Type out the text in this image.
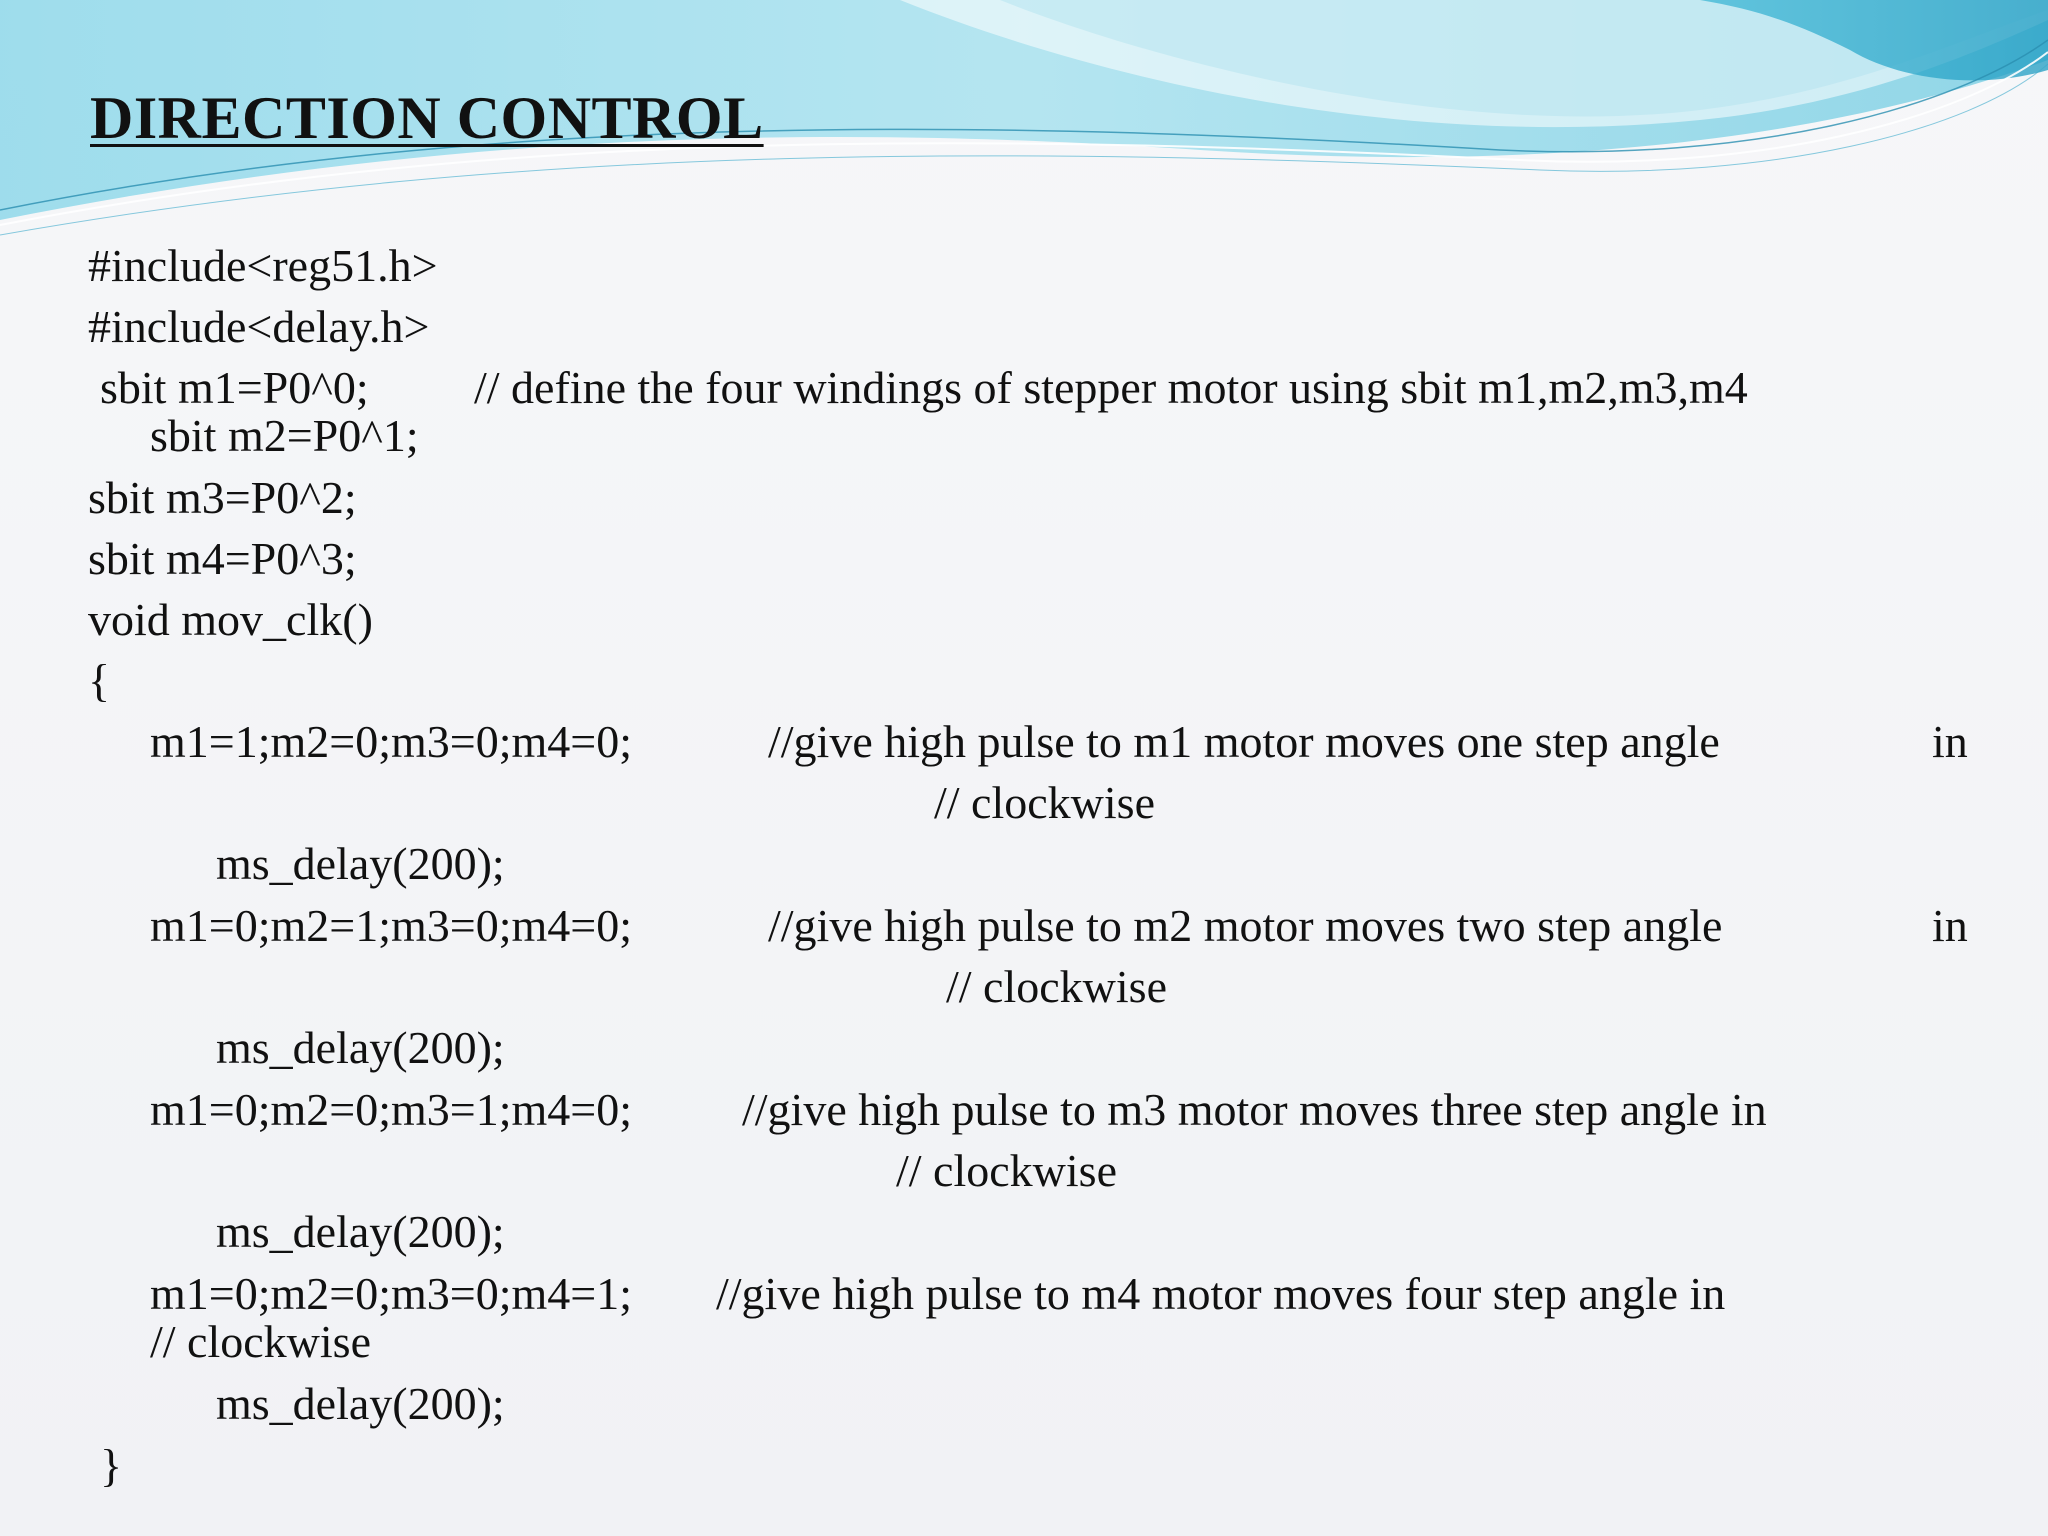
DIRECTION CONTROL
#include<reg51.h>
#include<delay.h>
sbit m1=P0^0; // define the four windings of stepper motor using sbit m1,m2,m3,m4
sbit m2=P0^1;
sbit m3=P0^2;
sbit m4=P0^3;
void mov_clk()
{
m1=1;m2=0;m3=0;m4=0;	//give high pulse to m1 motor moves one step angle	in
// clockwise
ms_delay(200);
m1=0;m2=1;m3=0;m4=0;	//give high pulse to m2 motor moves two step angle	in
// clockwise
ms_delay(200);
m1=0;m2=0;m3=1;m4=0; //give high pulse to m3 motor moves three step angle in
// clockwise
ms_delay(200);
m1=0;m2=0;m3=0;m4=1; //give high pulse to m4 motor moves four step angle in
// clockwise
ms_delay(200);
}
